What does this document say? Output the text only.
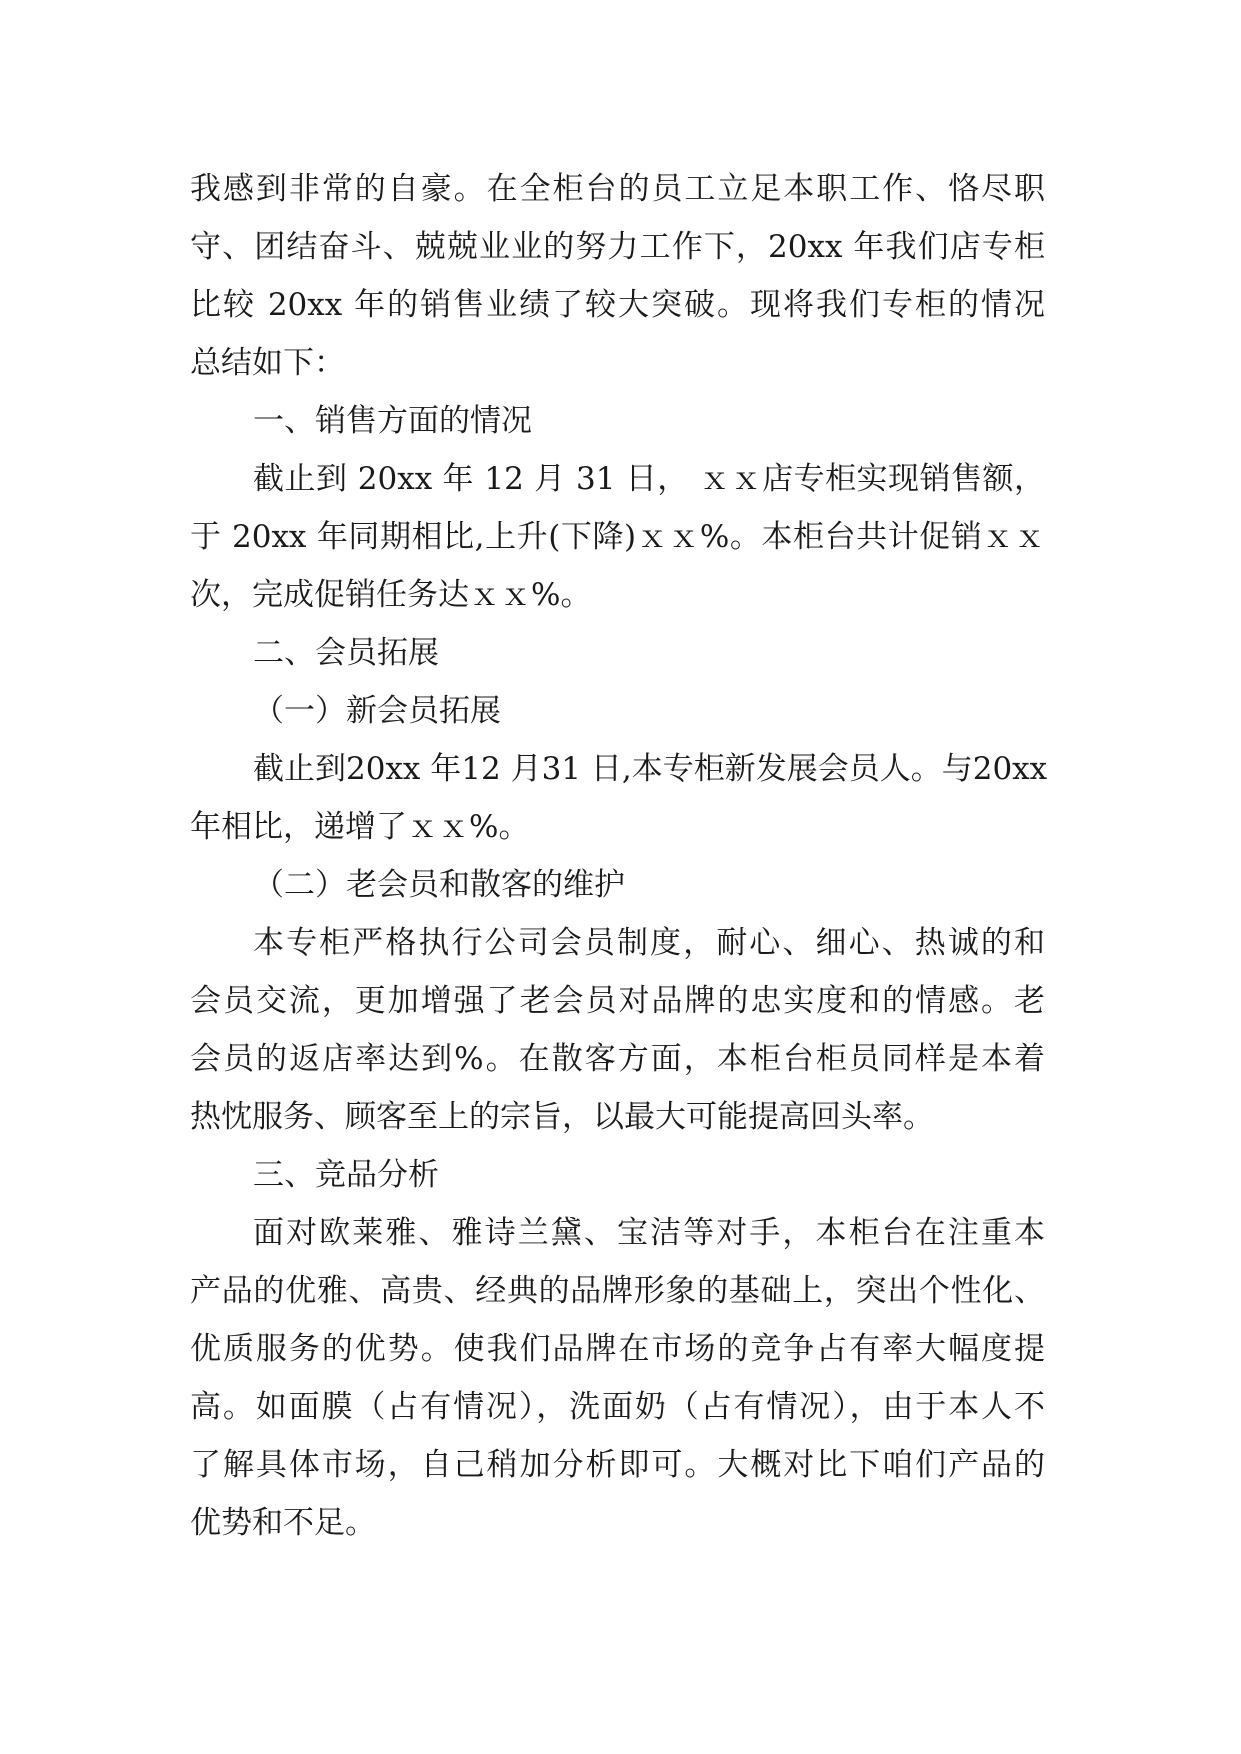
我感到非常的自豪。在全柜台的员工立足本职工作、恪尽职
守、团结奋斗、兢兢业业的努力工作下，20xx 年我们店专柜
比较 20xx 年的销售业绩了较大突破。现将我们专柜的情况
总结如下：
一、销售方面的情况
截止到 20xx 年 12 月 31 日， ｘｘ店专柜实现销售额，
于 20xx 年同期相比,上升(下降)ｘｘ%。本柜台共计促销ｘｘ
次，完成促销任务达ｘｘ%。
二、会员拓展
（一）新会员拓展
截止到20xx 年12 月31 日,本专柜新发展会员人。与20xx
年相比，递增了ｘｘ%。
（二）老会员和散客的维护
本专柜严格执行公司会员制度，耐心、细心、热诚的和
会员交流，更加增强了老会员对品牌的忠实度和的情感。老
会员的返店率达到%。在散客方面，本柜台柜员同样是本着
热忱服务、顾客至上的宗旨，以最大可能提高回头率。
三、竞品分析
面对欧莱雅、雅诗兰黛、宝洁等对手，本柜台在注重本
产品的优雅、高贵、经典的品牌形象的基础上，突出个性化、
优质服务的优势。使我们品牌在市场的竞争占有率大幅度提
高。如面膜（占有情况），洗面奶（占有情况），由于本人不
了解具体市场，自己稍加分析即可。大概对比下咱们产品的
优势和不足。
